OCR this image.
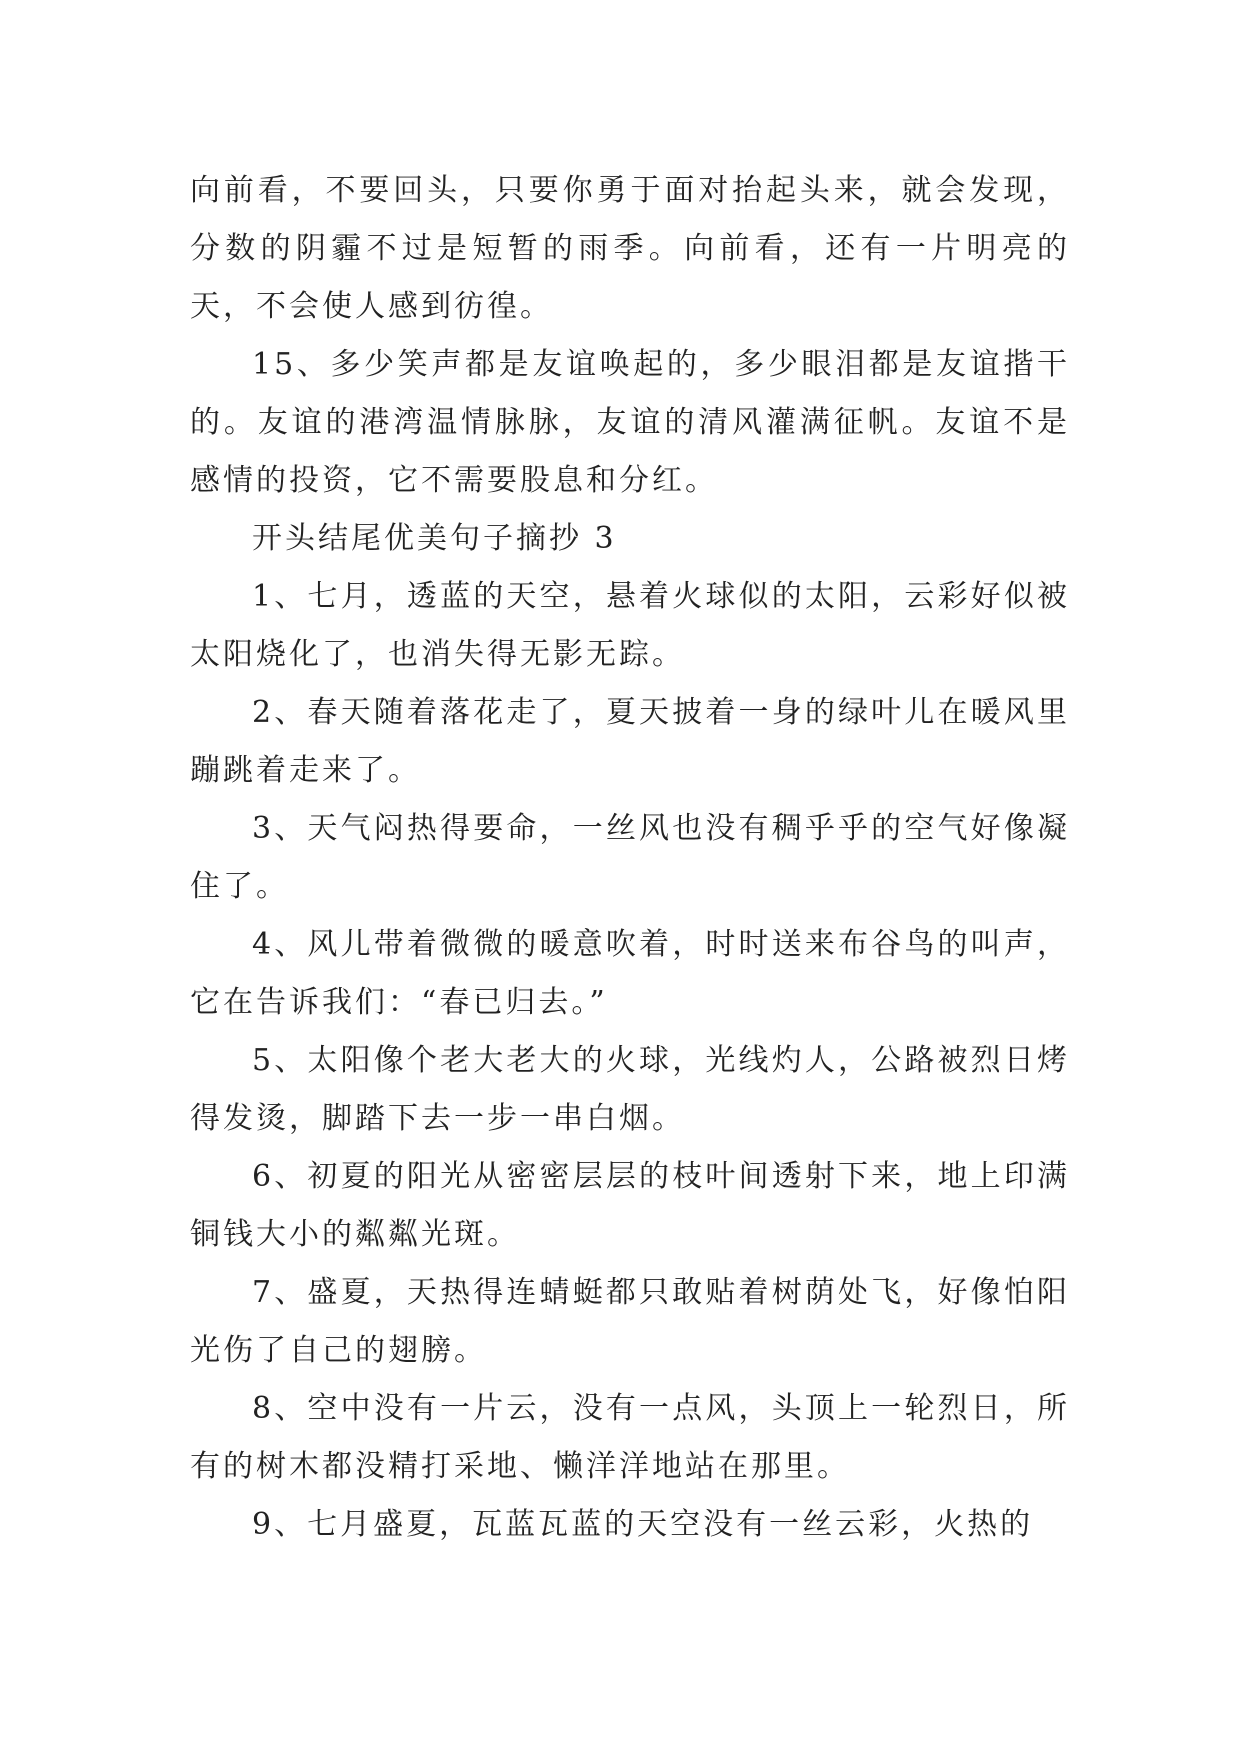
向前看，不要回头，只要你勇于面对抬起头来，就会发现，分数的阴霾不过是短暂的雨季。向前看，还有一片明亮的天，不会使人感到彷徨。

15、多少笑声都是友谊唤起的，多少眼泪都是友谊揩干的。友谊的港湾温情脉脉，友谊的清风灌满征帆。友谊不是感情的投资，它不需要股息和分红。

开头结尾优美句子摘抄 3

1、七月，透蓝的天空，悬着火球似的太阳，云彩好似被太阳烧化了，也消失得无影无踪。

2、春天随着落花走了，夏天披着一身的绿叶儿在暖风里蹦跳着走来了。

3、天气闷热得要命，一丝风也没有稠乎乎的空气好像凝住了。

4、风儿带着微微的暖意吹着，时时送来布谷鸟的叫声，它在告诉我们：“春已归去。”

5、太阳像个老大老大的火球，光线灼人，公路被烈日烤得发烫，脚踏下去一步一串白烟。

6、初夏的阳光从密密层层的枝叶间透射下来，地上印满铜钱大小的粼粼光斑。

7、盛夏，天热得连蜻蜓都只敢贴着树荫处飞，好像怕阳光伤了自己的翅膀。

8、空中没有一片云，没有一点风，头顶上一轮烈日，所有的树木都没精打采地、懒洋洋地站在那里。

9、七月盛夏，瓦蓝瓦蓝的天空没有一丝云彩，火热的
